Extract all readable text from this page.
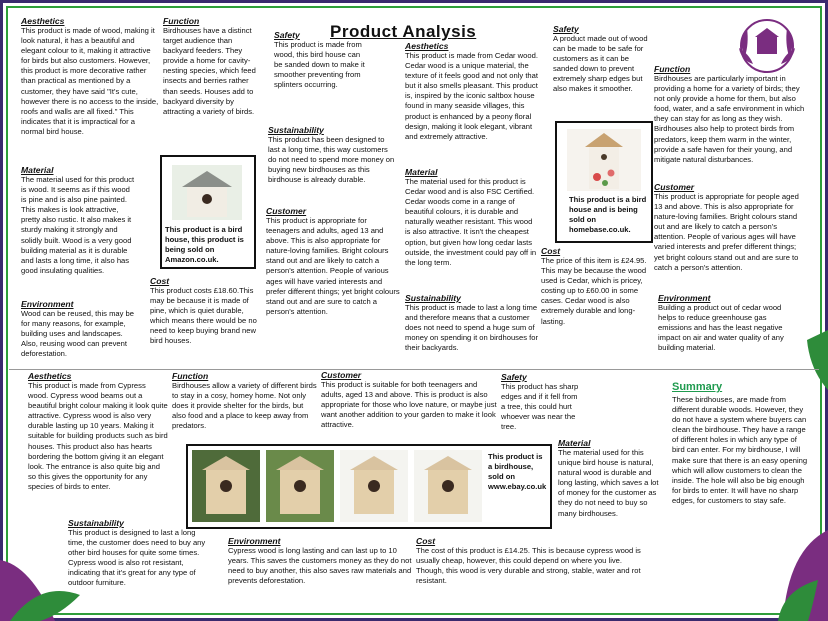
Product Analysis
Aesthetics

This product is made of wood, making it look natural, it has a beautiful and elegant colour to it, making it attractive for birds but also customers. However, this product is more decorative rather than practical as mentioned by a customer, they have said "It's cute, however there is no access to the inside, roofs and walls are all fixed." This indicates that it is impractical for a normal bird house.

Material

The material used for this product is wood. It seems as if this wood is pine and is also pine painted. This makes is look attractive, pretty also rustic. It also makes it sturdy making it strongly and solidly built. Wood is a very good building material as it is durable and lasts a long time, it also has good insulating qualities.

Environment

Wood can be reused, this may be for many reasons, for example, building uses and landscapes. Also, reusing wood can prevent deforestation.

Function

Birdhouses have a distinct target audience than backyard feeders. They provide a home for cavity-nesting species, which feed insects and berries rather than seeds. Houses add to backyard diversity by attracting a variety of birds.

This product is a bird house, this product is being sold on Amazon.co.uk.
Cost

This product costs £18.60.This may be because it is made of pine, which is quiet durable, which means there would be no need to keep buying brand new bird houses.

Safety

This product is made from wood, this bird house can be sanded down to make it smoother preventing from splinters occurring.

Sustainability

This product has been designed to last a long time, this way customers do not need to spend more money on buying new birdhouses as this birdhouse is already durable.

Customer

This product is appropriate for teenagers and adults, aged 13 and above. This is also appropriate for nature-loving families. Bright colours stand out and are likely to catch a person's attention. People of various ages will have varied interests and prefer different things; yet bright colours stand out and are sure to catch a person's attention.

Aesthetics

This product is made from Cedar wood. Cedar wood is a unique material, the texture of it feels good and not only that but it also smells pleasant. This product is, inspired by the iconic saltbox house found in many seaside villages, this product is enhanced by a peony floral design, making it look elegant, vibrant and extremely attractive.

Material

The material used for this product is Cedar wood and is also FSC Certified. Cedar woods come in a range of beautiful colours, it is durable and naturally weather resistant. This wood is also attractive. It isn't the cheapest option, but given how long cedar lasts outside, the investment could pay off in the long term.

Sustainability

This product is made to last a long time and therefore means that a customer does not need to spend a huge sum of money on spending it on birdhouses for their backyards.

Safety

A product made out of wood can be made to be safe for customers as it can be sanded down to prevent extremely sharp edges but also makes it smoother.

This product is a bird house and is being sold on homebase.co.uk.
Cost

The price of this item is £24.95. This may be because the wood used is Cedar, which is pricey, costing up to £60.00 in some cases. Cedar wood is also extremely durable and long-lasting.

Function

Birdhouses are particularly important in providing a home for a variety of birds; they not only provide a home for them, but also food, water, and a safe environment in which they can stay for as long as they wish. Birdhouses also help to protect birds from predators, keep them warm in the winter, provide a safe haven for their young, and mitigate natural disturbances.

Customer

This product is appropriate for people aged 13 and above. This is also appropriate for nature-loving families. Bright colours stand out and are likely to catch a person's attention. People of various ages will have varied interests and prefer different things; yet bright colours stand out and are sure to catch a person's attention.

Environment

Building a product out of cedar wood helps to reduce greenhouse gas emissions and has the least negative impact on air and water quality of any building material.

Aesthetics

This product is made from Cypress wood. Cypress wood beams out a beautiful bright colour making it look quite attractive. Cypress wood is also very durable lasting up 10 years. Making it suitable for building products such as bird houses. This product also has hearts bordering the bottom giving it an elegant look. The entrance is also quite big and so this gives the opportunity for any species of birds to enter.

Function

Birdhouses allow a variety of different birds to stay in a cosy, homey home. Not only does it provide shelter for the birds, but also food and a place to keep away from predators.

Customer

This product is suitable for both teenagers and adults, aged 13 and above. This is product is also appropriate for those who love nature, or maybe just want another addition to your garden to make it look attractive.

Safety

This product has sharp edges and if it fell from a tree, this could hurt whoever was near the tree.

This product is a birdhouse, sold on www.ebay.co.uk
Material

The material used for this unique bird house is natural, natural wood is durable and long lasting, which saves a lot of money for the customer as they do not need to buy so many birdhouses.

Sustainability

This product is designed to last a long time, the customer does need to buy any other bird houses for quite some times. Cypress wood is also rot resistant, indicating that it's great for any type of outdoor furniture.

Environment

Cypress wood is long lasting and can last up to 10 years. This saves the customers money as they do not need to buy another, this also saves raw materials and prevents deforestation.

Cost

The cost of this product is £14.25. This is because cypress wood is usually cheap, however, this could depend on where you live. Though, this wood is very durable and strong, stable, water and rot resistant.

Summary

These birdhouses, are made from different durable woods. However, they do not have a system where buyers can clean the birdhouse. They have a range of different holes in which any type of bird can enter. For my birdhouse, I will make sure that there is an easy opening which will allow customers to clean the inside. The hole will also be big enough for birds to enter. It will have no sharp edges, for customers to stay safe.
